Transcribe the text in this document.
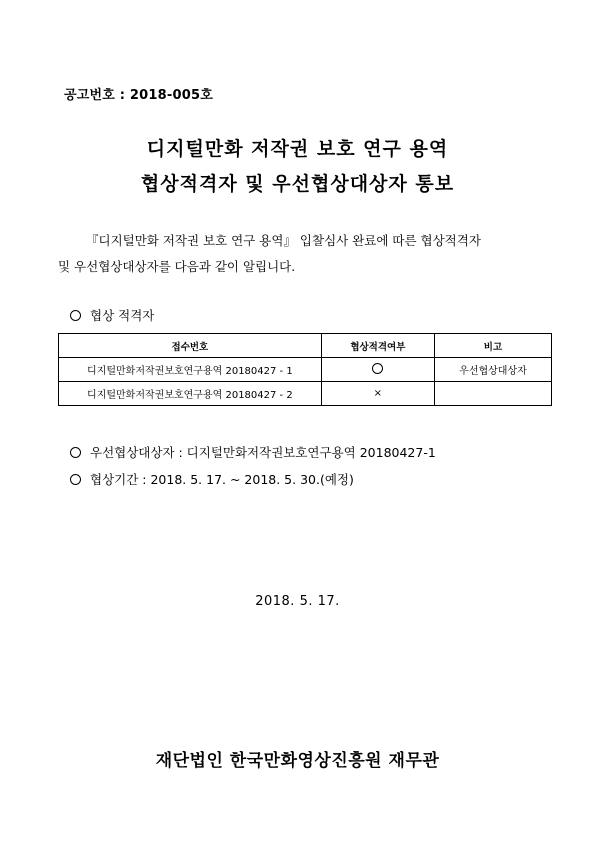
공고번호 : 2018-005호
디지털만화 저작권 보호 연구 용역
협상적격자 및 우선협상대상자 통보
『디지털만화 저작권 보호 연구 용역』 입찰심사 완료에 따른 협상적격자
및 우선협상대상자를 다음과 같이 알립니다.
협상 적격자
접수번호	협상적격여부	비고
디지털만화저작권보호연구용역 20180427 - 1		우선협상대상자
디지털만화저작권보호연구용역 20180427 - 2	×	
우선협상대상자 : 디지털만화저작권보호연구용역 20180427-1
협상기간 : 2018. 5. 17. ~ 2018. 5. 30.(예정)
2018. 5. 17.
재단법인 한국만화영상진흥원 재무관
